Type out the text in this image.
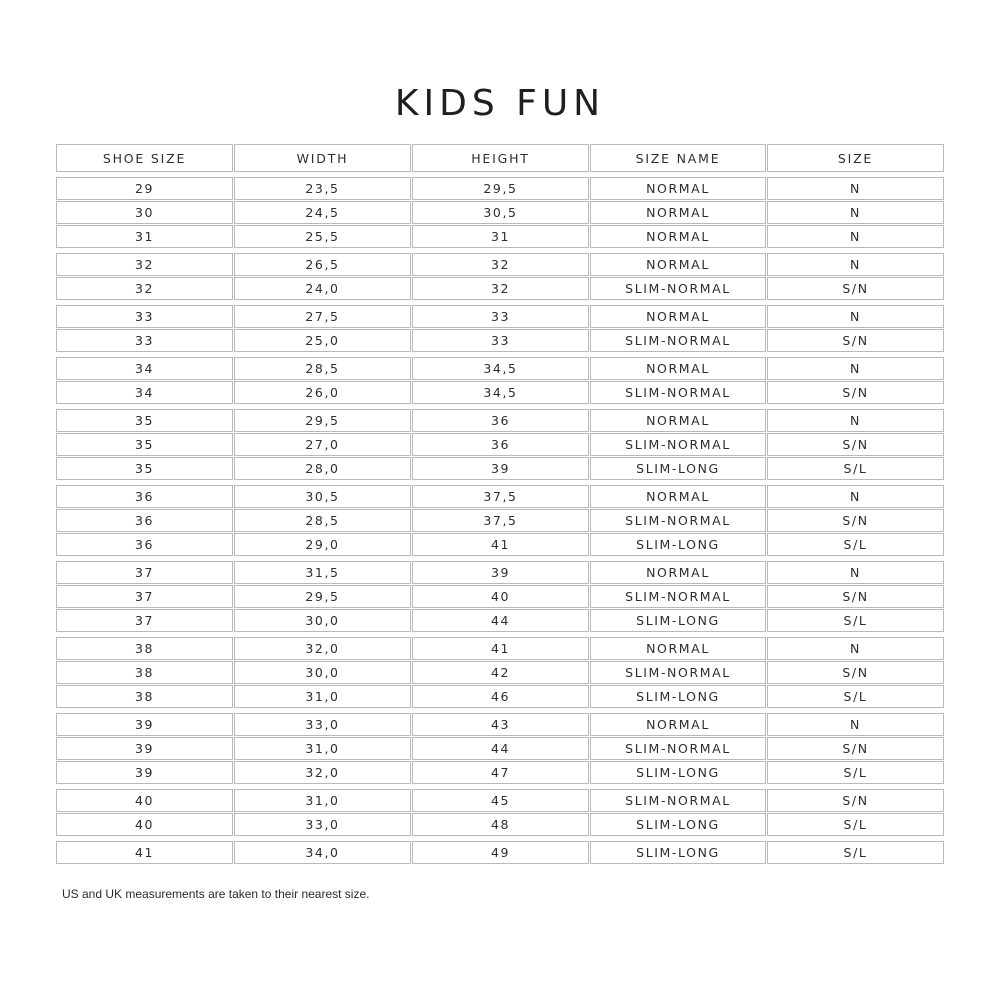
KIDS FUN
SHOE SIZE	WIDTH	HEIGHT	SIZE NAME	SIZE
29	23,5	29,5	NORMAL	N
30	24,5	30,5	NORMAL	N
31	25,5	31	NORMAL	N
32	26,5	32	NORMAL	N
32	24,0	32	SLIM-NORMAL	S/N
33	27,5	33	NORMAL	N
33	25,0	33	SLIM-NORMAL	S/N
34	28,5	34,5	NORMAL	N
34	26,0	34,5	SLIM-NORMAL	S/N
35	29,5	36	NORMAL	N
35	27,0	36	SLIM-NORMAL	S/N
35	28,0	39	SLIM-LONG	S/L
36	30,5	37,5	NORMAL	N
36	28,5	37,5	SLIM-NORMAL	S/N
36	29,0	41	SLIM-LONG	S/L
37	31,5	39	NORMAL	N
37	29,5	40	SLIM-NORMAL	S/N
37	30,0	44	SLIM-LONG	S/L
38	32,0	41	NORMAL	N
38	30,0	42	SLIM-NORMAL	S/N
38	31,0	46	SLIM-LONG	S/L
39	33,0	43	NORMAL	N
39	31,0	44	SLIM-NORMAL	S/N
39	32,0	47	SLIM-LONG	S/L
40	31,0	45	SLIM-NORMAL	S/N
40	33,0	48	SLIM-LONG	S/L
41	34,0	49	SLIM-LONG	S/L

US and UK measurements are taken to their nearest size.
